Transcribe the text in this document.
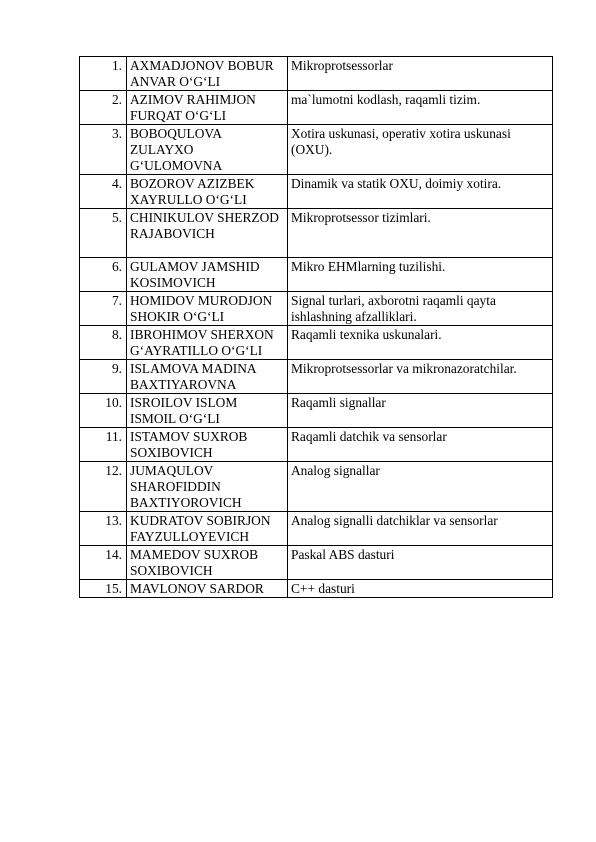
1.	AXMADJONOV BOBUR ANVAR O‘G‘LI	Mikroprotsessorlar
2.	AZIMOV RAHIMJON FURQAT O‘G‘LI	ma`lumotni kodlash, raqamli tizim.
3.	BOBOQULOVA ZULAYXO G‘ULOMOVNA	Xotira uskunasi, operativ xotira uskunasi (OXU).
4.	BOZOROV AZIZBEK XAYRULLO O‘G‘LI	Dinamik va statik OXU, doimiy xotira.
5.	CHINIKULOV SHERZOD RAJABOVICH	Mikroprotsessor tizimlari.
6.	GULAMOV JAMSHID KOSIMOVICH	Mikro EHMlarning tuzilishi.
7.	HOMIDOV MURODJON SHOKIR O‘G‘LI	Signal turlari, axborotni raqamli qayta ishlashning afzalliklari.
8.	IBROHIMOV SHERXON G‘AYRATILLO O‘G‘LI	Raqamli texnika uskunalari.
9.	ISLAMOVA MADINA BAXTIYAROVNA	Mikroprotsessorlar va mikronazoratchilar.
10.	ISROILOV ISLOM ISMOIL O‘G‘LI	Raqamli signallar
11.	ISTAMOV SUXROB SOXIBOVICH	Raqamli datchik va sensorlar
12.	JUMAQULOV SHAROFIDDIN BAXTIYOROVICH	Analog signallar
13.	KUDRATOV SOBIRJON FAYZULLOYEVICH	Analog signalli datchiklar va sensorlar
14.	MAMEDOV SUXROB SOXIBOVICH	Paskal ABS dasturi
15.	MAVLONOV SARDOR	C++ dasturi
